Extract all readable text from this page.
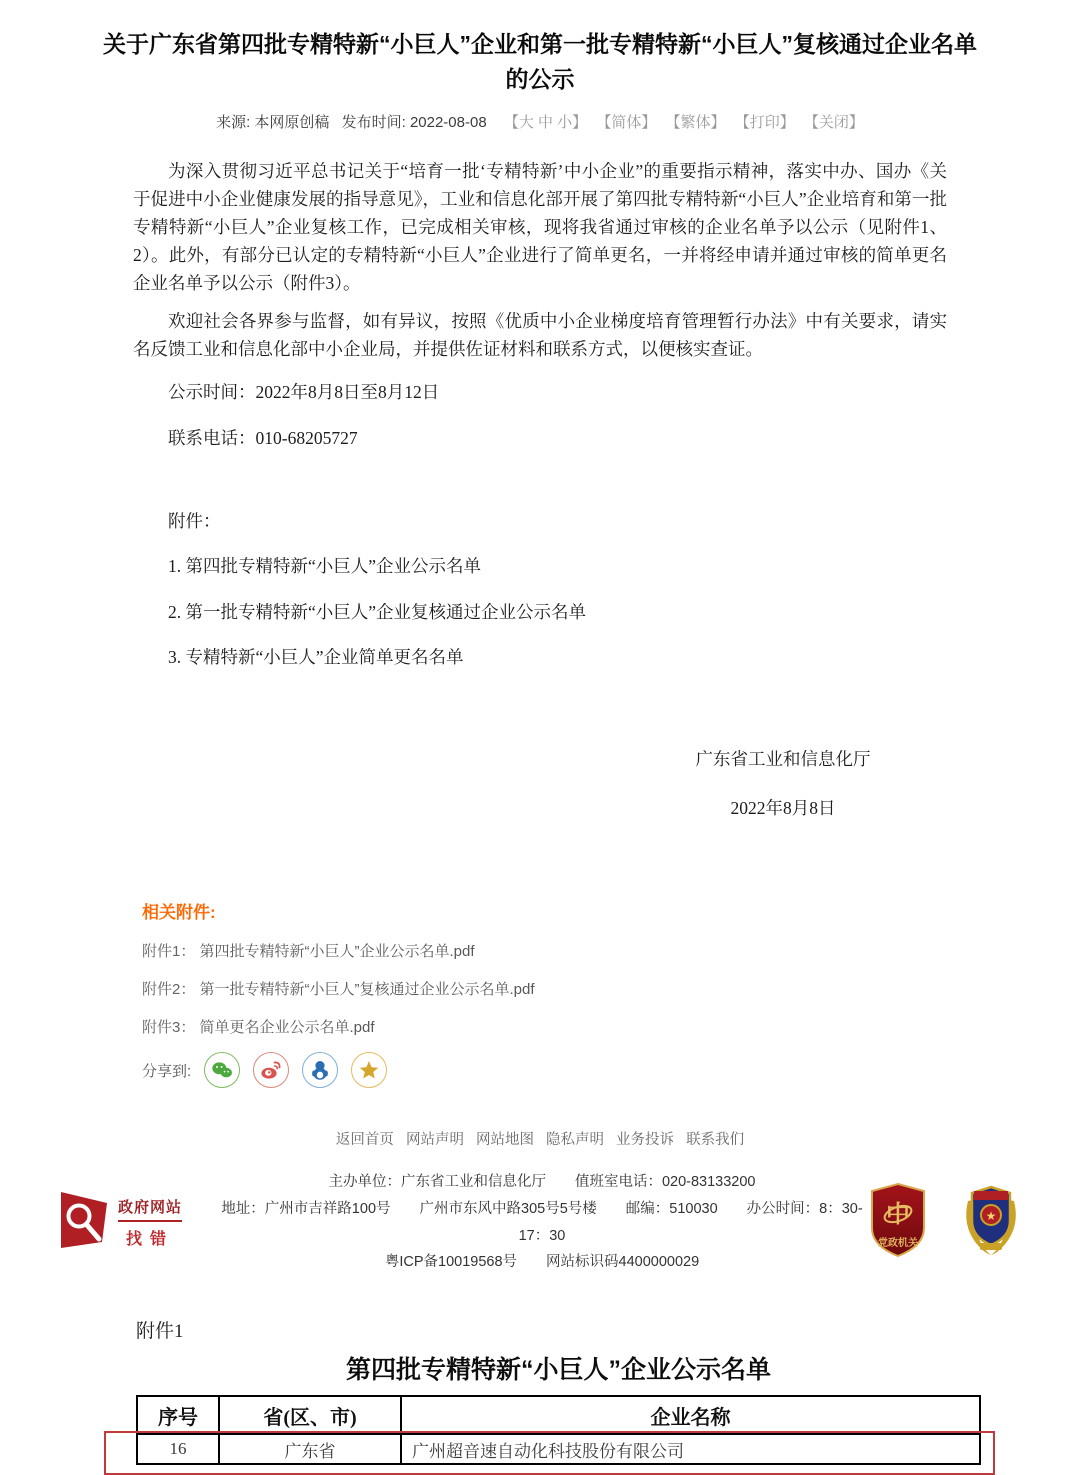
关于广东省第四批专精特新“小巨人”企业和第一批专精特新“小巨人”复核通过企业名单的公示
来源: 本网原创稿 发布时间: 2022-08-08 【大 中 小】 【简体】 【繁体】 【打印】 【关闭】

为深入贯彻习近平总书记关于“培育一批‘专精特新’中小企业”的重要指示精神，落实中办、国办《关于促进中小企业健康发展的指导意见》，工业和信息化部开展了第四批专精特新“小巨人”企业培育和第一批专精特新“小巨人”企业复核工作，已完成相关审核，现将我省通过审核的企业名单予以公示（见附件1、2）。此外，有部分已认定的专精特新“小巨人”企业进行了简单更名，一并将经申请并通过审核的简单更名企业名单予以公示（附件3）。

欢迎社会各界参与监督，如有异议，按照《优质中小企业梯度培育管理暂行办法》中有关要求，请实名反馈工业和信息化部中小企业局，并提供佐证材料和联系方式，以便核实查证。

公示时间：2022年8月8日至8月12日

联系电话：010-68205727

附件：

1. 第四批专精特新“小巨人”企业公示名单

2. 第一批专精特新“小巨人”企业复核通过企业公示名单

3. 专精特新“小巨人”企业简单更名名单

广东省工业和信息化厅
2022年8月8日
相关附件:
附件1： 第四批专精特新“小巨人”企业公示名单.pdf
附件2： 第一批专精特新“小巨人”复核通过企业公示名单.pdf
附件3： 简单更名企业公示名单.pdf
分享到:
返回首页 网站声明 网站地图 隐私声明 业务投诉 联系我们
政府网站
找错
主办单位：广东省工业和信息化厅　　值班室电话：020-83133200
地址：广州市吉祥路100号　　广州市东风中路305号5号楼　　邮编：510030　　办公时间：8：30-17：30
粤ICP备10019568号　　网站标识码4400000029
中
党政机关
★
附件1
第四批专精特新“小巨人”企业公示名单
序号	省(区、市)	企业名称
16	广东省	广州超音速自动化科技股份有限公司
